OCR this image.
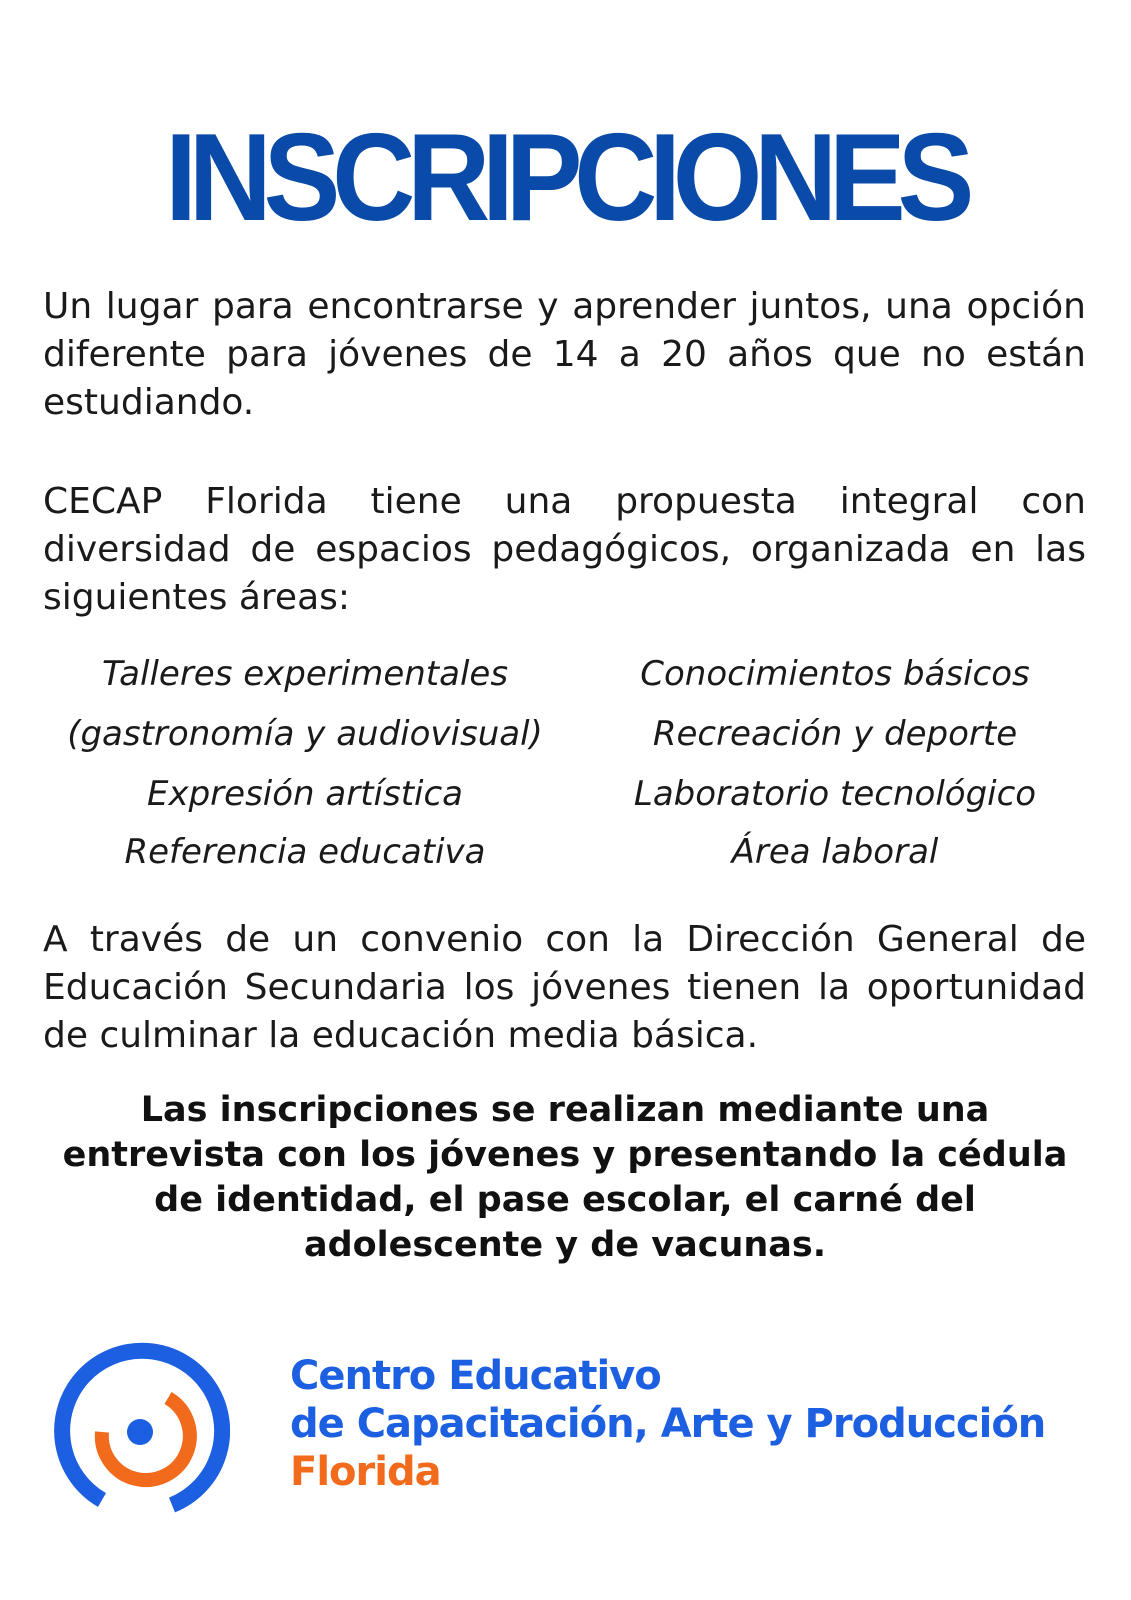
INSCRIPCIONES

Un lugar para encontrarse y aprender juntos, una opción diferente para jóvenes de 14 a 20 años que no están estudiando.

CECAP Florida tiene una propuesta integral con diversidad de espacios pedagógicos, organizada en las siguientes áreas:

Talleres experimentales
(gastronomía y audiovisual)
Expresión artística
Referencia educativa
Conocimientos básicos
Recreación y deporte
Laboratorio tecnológico
Área laboral

A través de un convenio con la Dirección General de Educación Secundaria los jóvenes tienen la oportunidad de culminar la educación media básica.

Las inscripciones se realizan mediante una
entrevista con los jóvenes y presentando la cédula
de identidad, el pase escolar, el carné del
adolescente y de vacunas.
Centro Educativo
de Capacitación, Arte y Producción
Florida
